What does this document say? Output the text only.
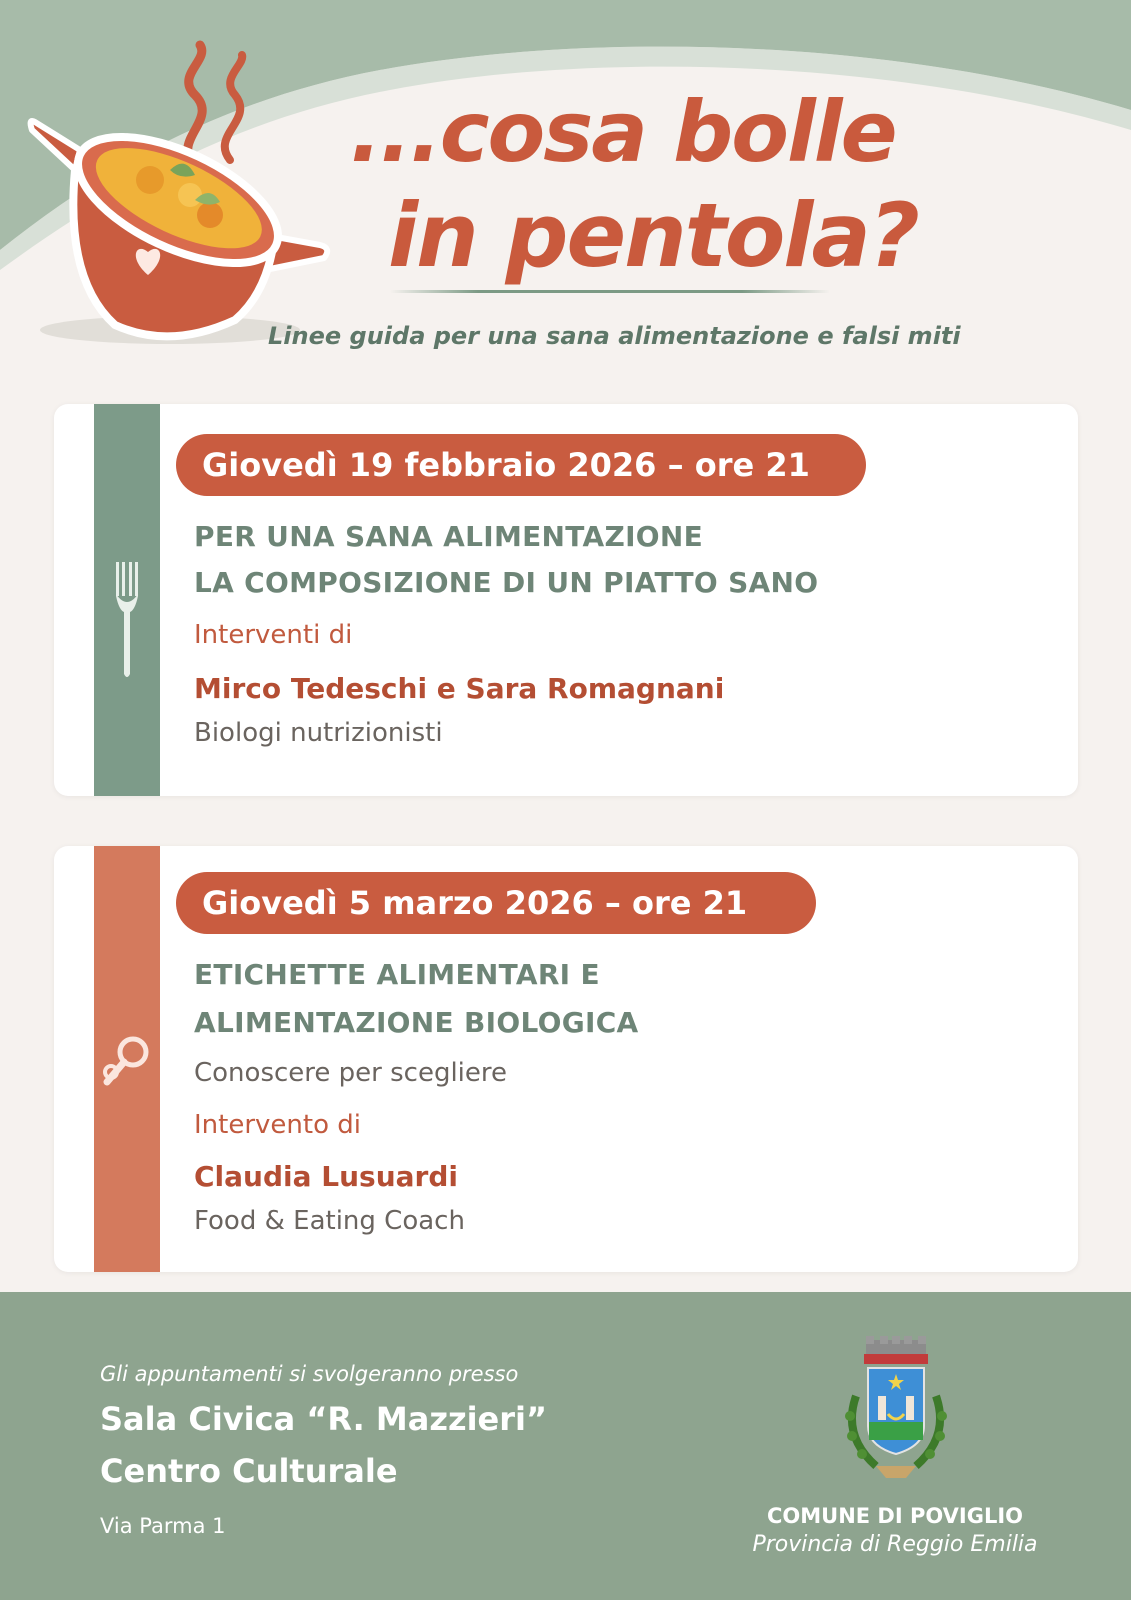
...cosa bolle
in pentola?
Linee guida per una sana alimentazione e falsi miti
Giovedì 19 febbraio 2026 – ore 21
PER UNA SANA ALIMENTAZIONE
LA COMPOSIZIONE DI UN PIATTO SANO
Interventi di
Mirco Tedeschi e Sara Romagnani
Biologi nutrizionisti
Giovedì 5 marzo 2026 – ore 21
ETICHETTE ALIMENTARI E
ALIMENTAZIONE BIOLOGICA
Conoscere per scegliere
Intervento di
Claudia Lusuardi
Food & Eating Coach
Gli appuntamenti si svolgeranno presso
Sala Civica “R. Mazzieri”
Centro Culturale
Via Parma 1	COMUNE DI POVIGLIO
Provincia di Reggio Emilia
